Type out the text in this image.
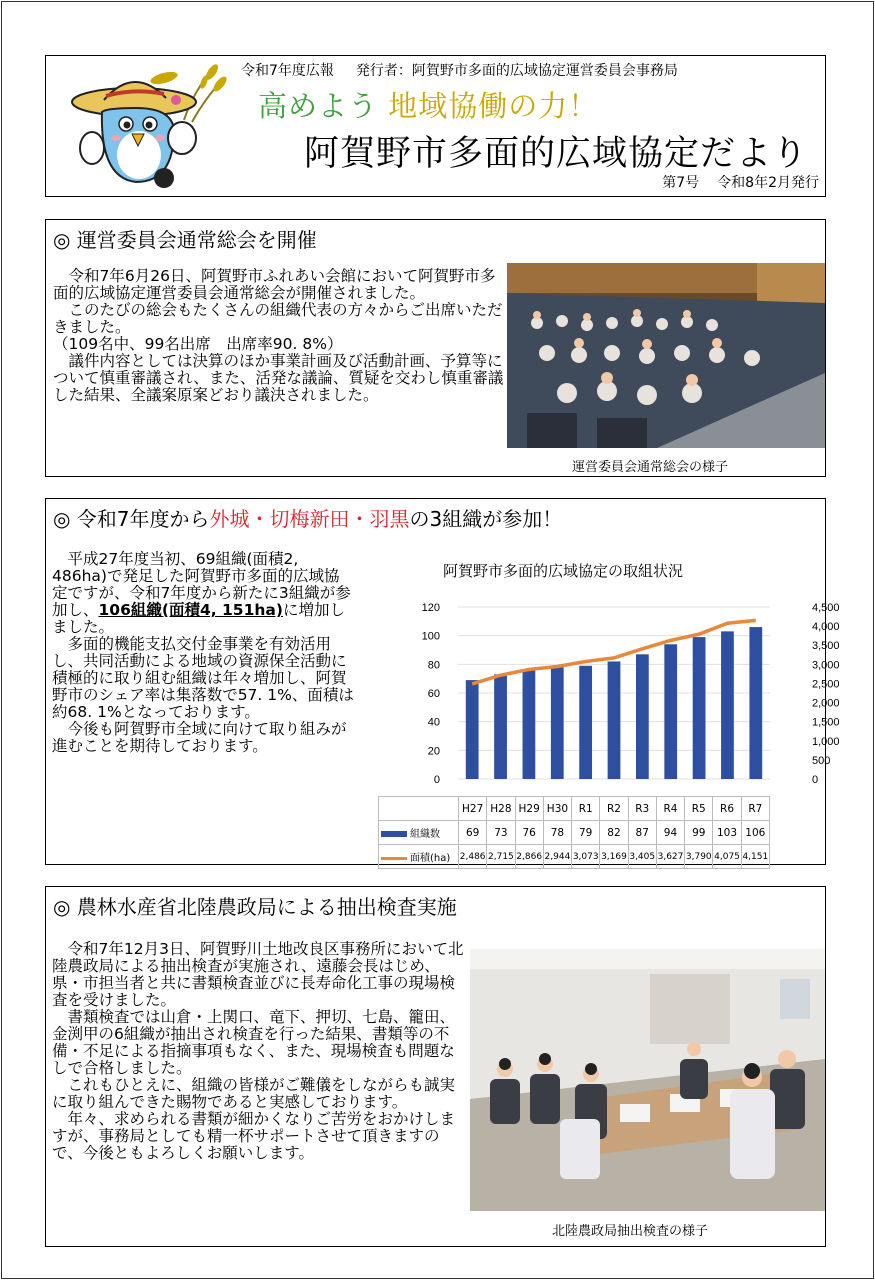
令和7年度広報 発行者：阿賀野市多面的広域協定運営委員会事務局
高めよう 地域協働の力！
阿賀野市多面的広域協定だより
第7号 令和8年2月発行
◎ 運営委員会通常総会を開催

令和7年6月26日、阿賀野市ふれあい会館において阿賀野市多面的広域協定運営委員会通常総会が開催されました。

このたびの総会もたくさんの組織代表の方々からご出席いただきました。

（109名中、99名出席　出席率90. 8%）

議件内容としては決算のほか事業計画及び活動計画、予算等について慎重審議され、また、活発な議論、質疑を交わし慎重審議した結果、全議案原案どおり議決されました。

運営委員会通常総会の様子
◎ 令和7年度から外城・切梅新田・羽黒の3組織が参加！

平成27年度当初、69組織(面積2, 486ha)で発足した阿賀野市多面的広域協定ですが、令和7年度から新たに3組織が参加し、106組織(面積4, 151ha)に増加しました。

多面的機能支払交付金事業を有効活用し、共同活動による地域の資源保全活動に積極的に取り組む組織は年々増加し、阿賀野市のシェア率は集落数で57. 1%、面積は約68. 1%となっております。

今後も阿賀野市全域に向けて取り組みが進むことを期待しております。

阿賀野市多面的広域協定の取組状況
0
20
40
60
80
100
120
0
500
1,000
1,500
2,000
2,500
3,000
3,500
4,000
4,500
	H27	H28	H29	H30	R1	R2	R3	R4	R5	R6	R7
組織数	69	73	76	78	79	82	87	94	99	103	106
面積(ha)	2,486	2,715	2,866	2,944	3,073	3,169	3,405	3,627	3,790	4,075	4,151
◎ 農林水産省北陸農政局による抽出検査実施

令和7年12月3日、阿賀野川土地改良区事務所において北陸農政局による抽出検査が実施され、遠藤会長はじめ、県・市担当者と共に書類検査並びに長寿命化工事の現場検査を受けました。

書類検査では山倉・上関口、竜下、押切、七島、籠田、金渕甲の6組織が抽出され検査を行った結果、書類等の不備・不足による指摘事項もなく、また、現場検査も問題なしで合格しました。

これもひとえに、組織の皆様がご難儀をしながらも誠実に取り組んできた賜物であると実感しております。

年々、求められる書類が細かくなりご苦労をおかけしますが、事務局としても精一杯サポートさせて頂きますので、今後ともよろしくお願いします。

北陸農政局抽出検査の様子
